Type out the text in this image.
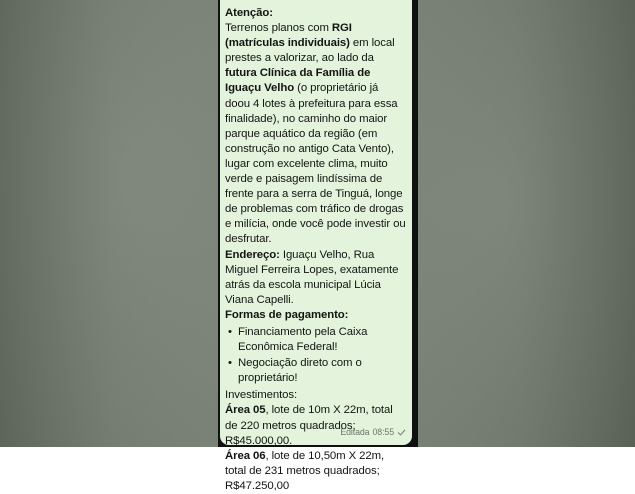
Atenção:

Terrenos planos com RGI (matrículas individuais) em local prestes a valorizar, ao lado da futura Clínica da Família de Iguaçu Velho (o proprietário já doou 4 lotes à prefeitura para essa finalidade), no caminho do maior parque aquático da região (em construção no antigo Cata Vento), lugar com excelente clima, muito verde e paisagem lindíssima de frente para a serra de Tinguá, longe de problemas com tráfico de drogas e milícia, onde você pode investir ou desfrutar.

Endereço: Iguaçu Velho, Rua Miguel Ferreira Lopes, exatamente atrás da escola municipal Lúcia Viana Capelli.

Formas de pagamento:

• Financiamento pela Caixa Econômica Federal!
• Negociação direto com o proprietário!

Investimentos:

Área 05, lote de 10m X 22m, total de 220 metros quadrados;
R$45.000,00.

Área 06, lote de 10,50m X 22m, total de 231 metros quadrados;
R$47.250,00

Editada 08:55
